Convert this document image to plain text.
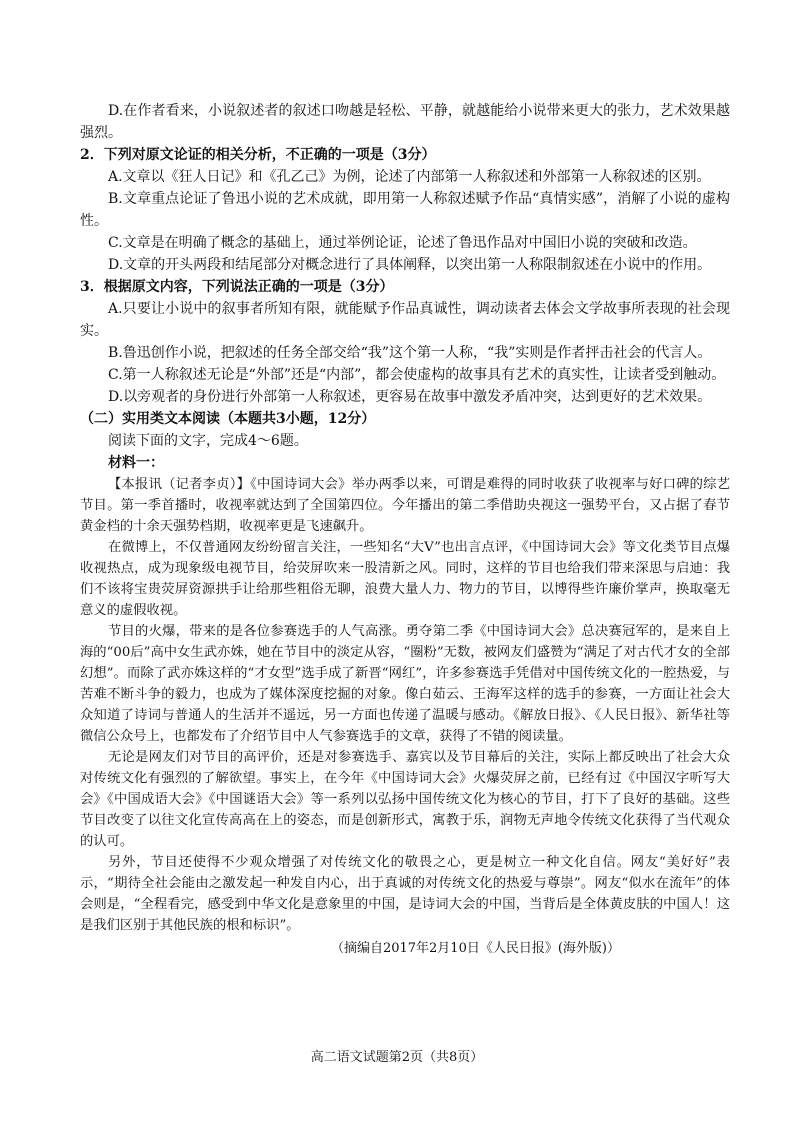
D.在作者看来，小说叙述者的叙述口吻越是轻松、平静，就越能给小说带来更大的张力，艺术效果越强烈。

2．下列对原文论证的相关分析，不正确的一项是（3分）

A.文章以《狂人日记》和《孔乙己》为例，论述了内部第一人称叙述和外部第一人称叙述的区别。

B.文章重点论证了鲁迅小说的艺术成就，即用第一人称叙述赋予作品“真情实感”，消解了小说的虚构性。

C.文章是在明确了概念的基础上，通过举例论证，论述了鲁迅作品对中国旧小说的突破和改造。

D.文章的开头两段和结尾部分对概念进行了具体阐释，以突出第一人称限制叙述在小说中的作用。

3．根据原文内容，下列说法正确的一项是（3分）

A.只要让小说中的叙事者所知有限，就能赋予作品真诚性，调动读者去体会文学故事所表现的社会现实。

B.鲁迅创作小说，把叙述的任务全部交给“我”这个第一人称，“我”实则是作者抨击社会的代言人。

C.第一人称叙述无论是“外部”还是“内部”，都会使虚构的故事具有艺术的真实性，让读者受到触动。

D.以旁观者的身份进行外部第一人称叙述，更容易在故事中激发矛盾冲突，达到更好的艺术效果。

（二）实用类文本阅读（本题共3小题，12分）

阅读下面的文字，完成4～6题。

材料一：

【本报讯（记者李贞）】《中国诗词大会》举办两季以来，可谓是难得的同时收获了收视率与好口碑的综艺节目。第一季首播时，收视率就达到了全国第四位。今年播出的第二季借助央视这一强势平台，又占据了春节黄金档的十余天强势档期，收视率更是飞速飙升。

在微博上，不仅普通网友纷纷留言关注，一些知名“大V”也出言点评，《中国诗词大会》等文化类节目点爆收视热点，成为现象级电视节目，给荧屏吹来一股清新之风。同时，这样的节目也给我们带来深思与启迪：我们不该将宝贵荧屏资源拱手让给那些粗俗无聊，浪费大量人力、物力的节目，以博得些许廉价掌声，换取毫无意义的虚假收视。

节目的火爆，带来的是各位参赛选手的人气高涨。勇夺第二季《中国诗词大会》总决赛冠军的，是来自上海的“00后”高中女生武亦姝，她在节目中的淡定从容，“圈粉”无数，被网友们盛赞为“满足了对古代才女的全部幻想”。而除了武亦姝这样的“才女型”选手成了新晋“网红”，许多参赛选手凭借对中国传统文化的一腔热爱，与苦难不断斗争的毅力，也成为了媒体深度挖掘的对象。像白茹云、王海军这样的选手的参赛，一方面让社会大众知道了诗词与普通人的生活并不遥远，另一方面也传递了温暖与感动。《解放日报》、《人民日报》、新华社等微信公众号上，也都发布了介绍节目中人气参赛选手的文章，获得了不错的阅读量。

无论是网友们对节目的高评价，还是对参赛选手、嘉宾以及节目幕后的关注，实际上都反映出了社会大众对传统文化有强烈的了解欲望。事实上，在今年《中国诗词大会》火爆荧屏之前，已经有过《中国汉字听写大会》《中国成语大会》《中国谜语大会》等一系列以弘扬中国传统文化为核心的节目，打下了良好的基础。这些节目改变了以往文化宣传高高在上的姿态，而是创新形式，寓教于乐，润物无声地令传统文化获得了当代观众的认可。

另外，节目还使得不少观众增强了对传统文化的敬畏之心，更是树立一种文化自信。网友“美好好”表示，“期待全社会能由之激发起一种发自内心，出于真诚的对传统文化的热爱与尊崇”。网友“似水在流年”的体会则是，“全程看完，感受到中华文化是意象里的中国，是诗词大会的中国，当背后是全体黄皮肤的中国人！这是我们区别于其他民族的根和标识”。

（摘编自2017年2月10日《人民日报》(海外版)）

高二语文试题第2页（共8页）
